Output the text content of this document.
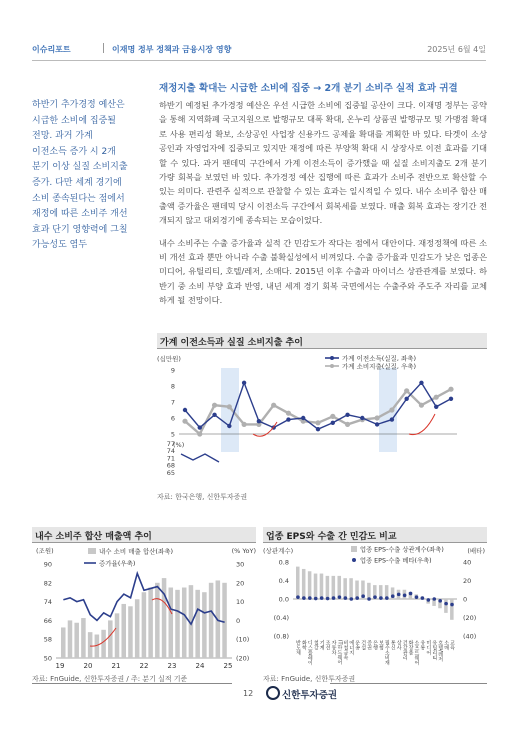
이슈리포트	이재명 정부 정책과 금융시장 영향	2025년 6월 4일
재정지출 확대는 시급한 소비에 집중 → 2개 분기 소비주 실적 효과 귀결
하반기 추가경정 예산은
시급한 소비에 집중될
전망. 과거 가계
이전소득 증가 시 2개
분기 이상 실질 소비지출
증가. 다만 세계 경기에
소비 종속된다는 점에서
재정에 따른 소비주 개선
효과 단기 영향력에 그칠
가능성도 염두

하반기 예정된 추가경정 예산은 우선 시급한 소비에 집중될 공산이 크다. 이재명 정부는 공약을 통해 지역화폐 국고지원으로 발행규모 대폭 확대, 온누리 상품권 발행규모 및 가맹점 확대로 사용 편리성 확보, 소상공인 사업장 신용카드 공제율 확대를 계획한 바 있다. 타겟이 소상공인과 자영업자에 집중되고 있지만 재정에 따른 부양책 확대 시 상장사로 이전 효과를 기대할 수 있다. 과거 팬데믹 구간에서 가계 이전소득이 증가했을 때 실질 소비지출도 2개 분기 가량 회복을 보였던 바 있다. 추가경정 예산 집행에 따른 효과가 소비주 전반으로 확산할 수 있는 의미다. 관련주 실적으로 관찰할 수 있는 효과는 일시적일 수 있다. 내수 소비주 합산 매출액 증가율은 팬데믹 당시 이전소득 구간에서 회복세를 보였다. 매출 회복 효과는 장기간 전개되지 않고 대외경기에 종속되는 모습이었다.

내수 소비주는 수출 증가율과 실적 간 민감도가 작다는 점에서 대안이다. 재정정책에 따른 소비 개선 효과 뿐만 아니라 수출 불확실성에서 비껴있다. 수출 증가율과 민감도가 낮은 업종은 미디어, 유틸리티, 호텔/레저, 소매다. 2015년 이후 수출과 마이너스 상관관계를 보였다. 하반기 중 소비 부양 효과 반영, 내년 세계 경기 회복 국면에서는 수출주와 주도주 자리를 교체하게 될 전망이다.

가계 이전소득과 실질 소비지출 추이
(십만원)
9
8
7
6
5
가계 이전소득(실질, 좌축)
가계 소비지출(실질, 우축)
(%)
77
74
71
68
65
자료: 한국은행, 신한투자증권
내수 소비주 합산 매출액 추이
(조원)	(% YoY)
90	30
82	20
74	10
66	0
58	(10)
50	(20)
19	20	21	22	23	24	25
내수 소비 매출 합산(좌축)
증가율(우축)
자료: FnGuide, 신한투자증권 / 주: 분기 실적 기준
업종 EPS와 수출 간 민감도 비교
(상관계수)	(배타)
0.8	40
0.4	20
0.0	0
(0.4)	(20)
(0.8)	(40)
반도체 화학 디스플레이 철강 기계 조선 자동차 IT하드웨어 비철금속 에너지 운송 건설 증권 은행 보험 필수소비재 통신 상사 건강관리 화장품 소프트웨어 유통 미디어 유틸리티 호텔/레저 소매 교육
업종 EPS-수출 상관계수(좌축)
업종 EPS-수출 베타(우축)
자료: FnGuide, 신한투자증권
12	신한투자증권
